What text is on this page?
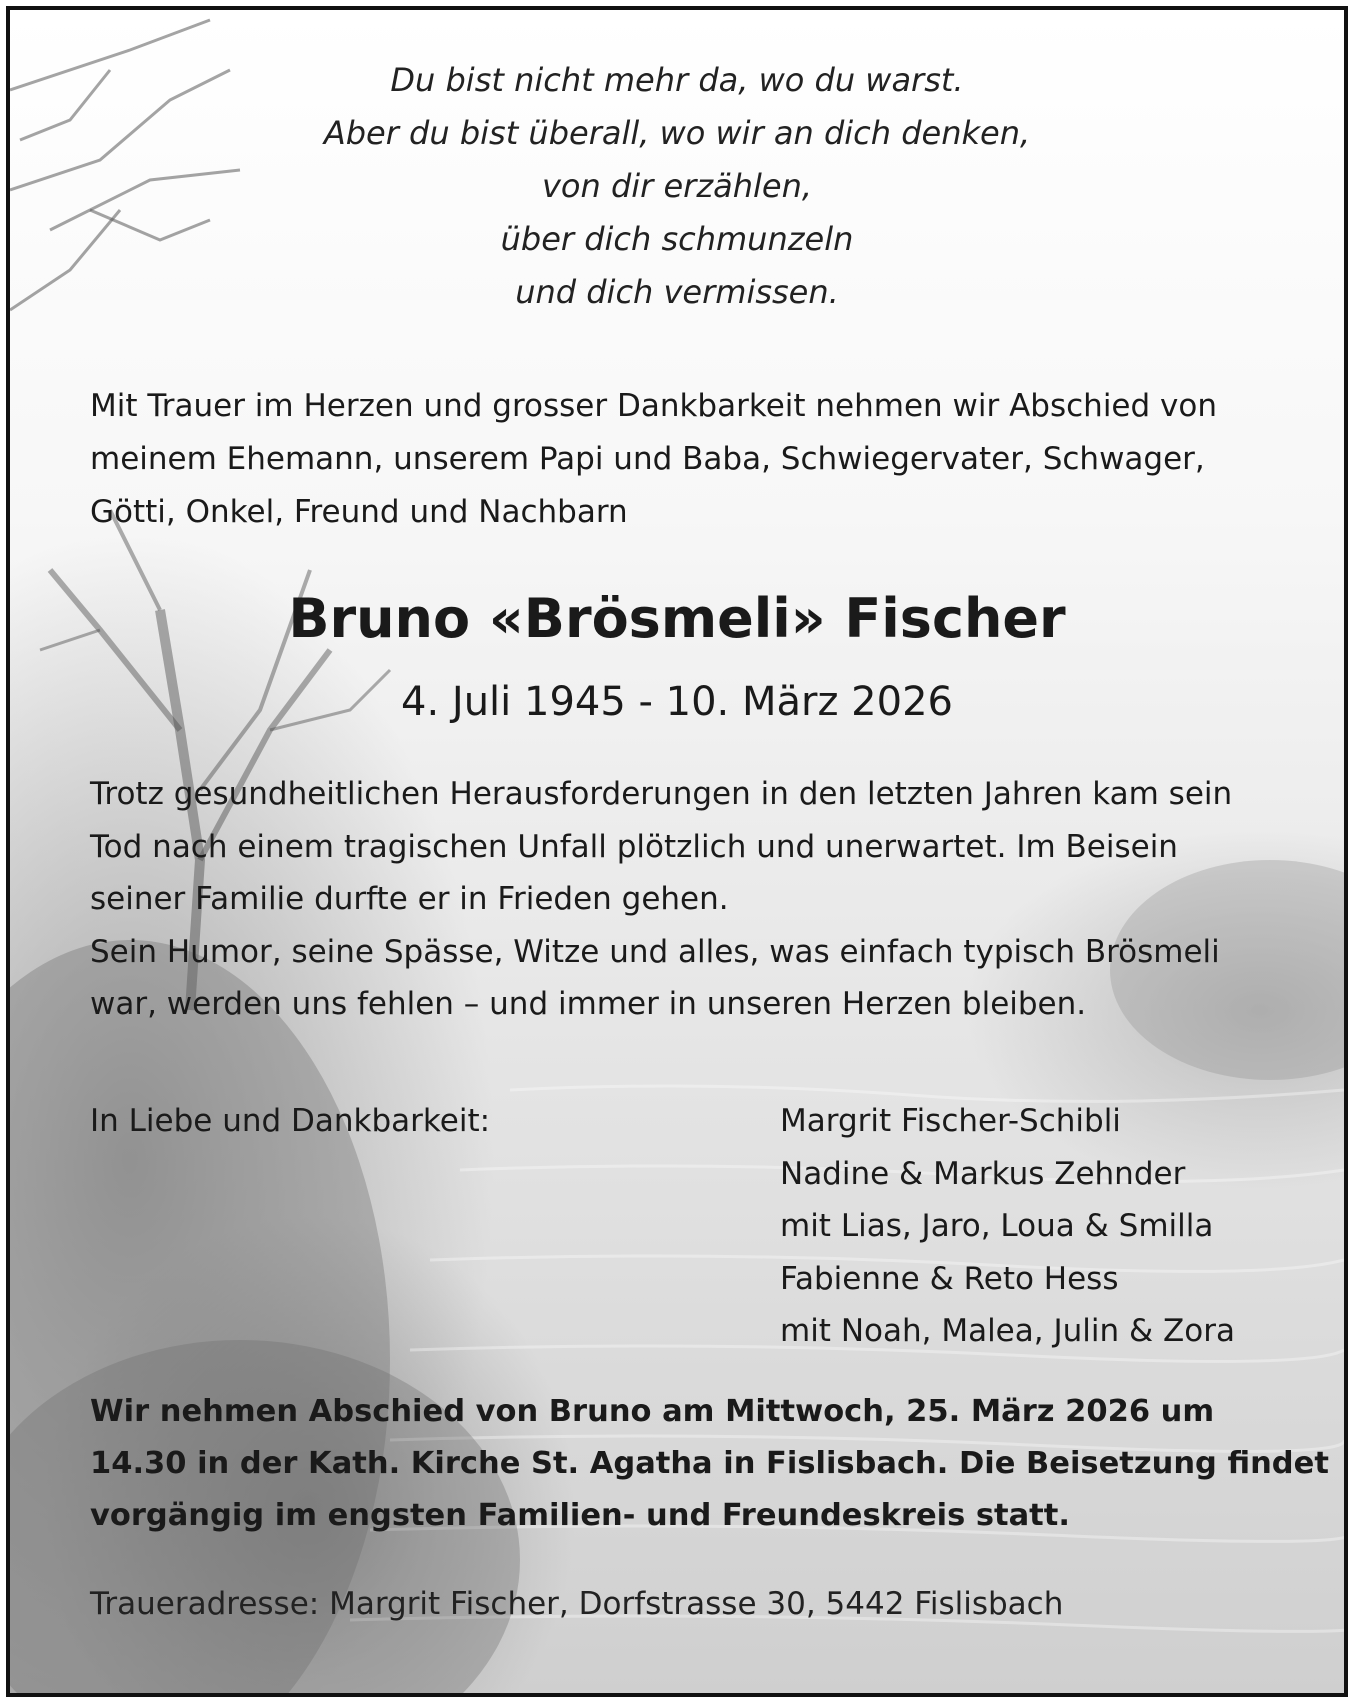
Du bist nicht mehr da, wo du warst.
Aber du bist überall, wo wir an dich denken,
von dir erzählen,
über dich schmunzeln
und dich vermissen.
Mit Trauer im Herzen und grosser Dankbarkeit nehmen wir Abschied von
meinem Ehemann, unserem Papi und Baba, Schwiegervater, Schwager,
Götti, Onkel, Freund und Nachbarn
Bruno «Brösmeli» Fischer
4. Juli 1945 - 10. März 2026
Trotz gesundheitlichen Herausforderungen in den letzten Jahren kam sein
Tod nach einem tragischen Unfall plötzlich und unerwartet. Im Beisein
seiner Familie durfte er in Frieden gehen.
Sein Humor, seine Spässe, Witze und alles, was einfach typisch Brösmeli
war, werden uns fehlen – und immer in unseren Herzen bleiben.
In Liebe und Dankbarkeit:	Margrit Fischer-Schibli
Nadine & Markus Zehnder
mit Lias, Jaro, Loua & Smilla
Fabienne & Reto Hess
mit Noah, Malea, Julin & Zora
Wir nehmen Abschied von Bruno am Mittwoch, 25. März 2026 um
14.30 in der Kath. Kirche St. Agatha in Fislisbach. Die Beisetzung findet
vorgängig im engsten Familien- und Freundeskreis statt.
Traueradresse: Margrit Fischer, Dorfstrasse 30, 5442 Fislisbach
